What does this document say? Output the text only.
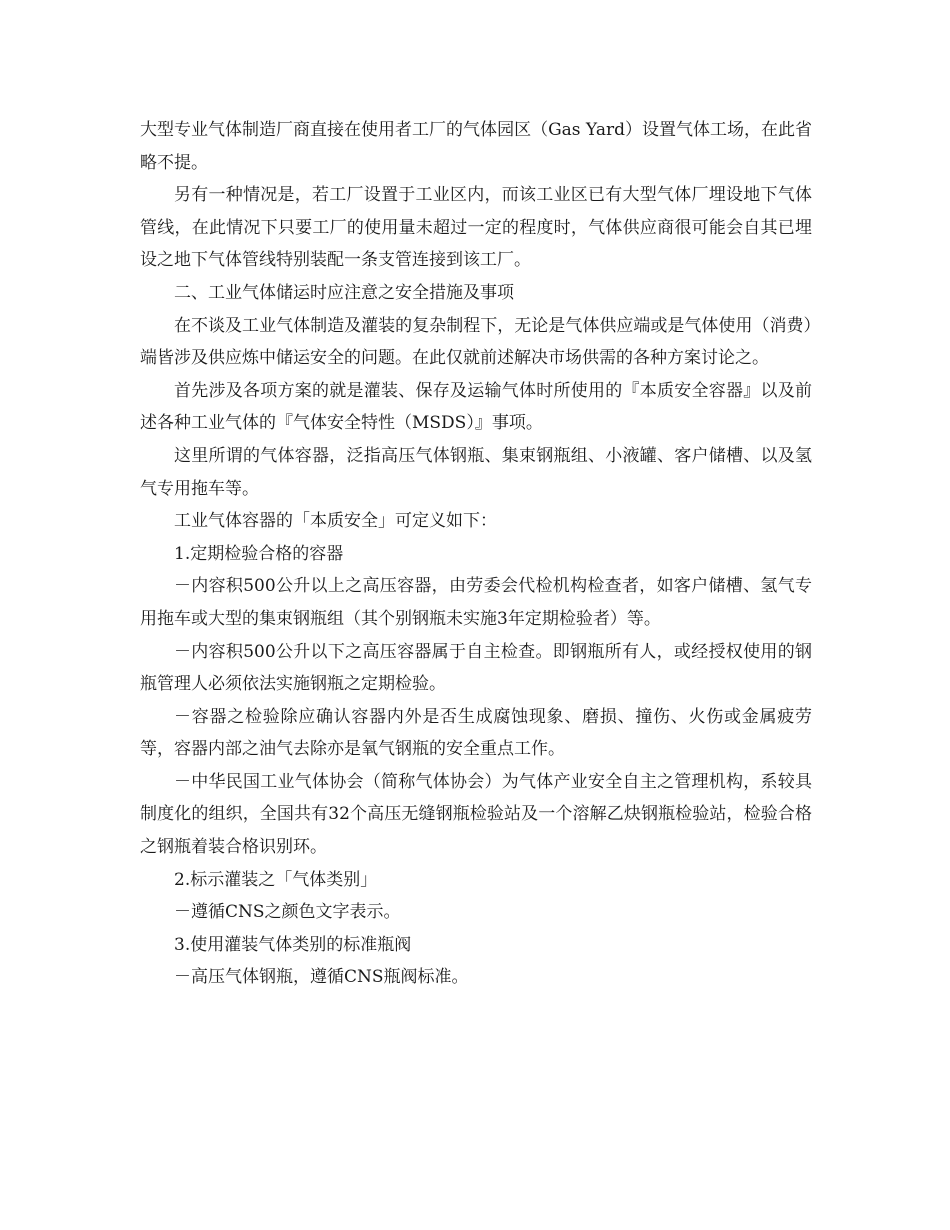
大型专业气体制造厂商直接在使用者工厂的气体园区（Gas Yard）设置气体工场，在此省略不提。

另有一种情况是，若工厂设置于工业区内，而该工业区已有大型气体厂埋设地下气体管线，在此情况下只要工厂的使用量未超过一定的程度时，气体供应商很可能会自其已埋设之地下气体管线特别装配一条支管连接到该工厂。

二、工业气体储运时应注意之安全措施及事项

在不谈及工业气体制造及灌装的复杂制程下，无论是气体供应端或是气体使用（消费）端皆涉及供应炼中储运安全的问题。在此仅就前述解决市场供需的各种方案讨论之。

首先涉及各项方案的就是灌装、保存及运输气体时所使用的『本质安全容器』以及前述各种工业气体的『气体安全特性（MSDS）』事项。

这里所谓的气体容器，泛指高压气体钢瓶、集束钢瓶组、小液罐、客户储槽、以及氢气专用拖车等。

工业气体容器的「本质安全」可定义如下：

1.定期检验合格的容器

－内容积500公升以上之高压容器，由劳委会代检机构检查者，如客户储槽、氢气专用拖车或大型的集束钢瓶组（其个别钢瓶未实施3年定期检验者）等。

－内容积500公升以下之高压容器属于自主检查。即钢瓶所有人，或经授权使用的钢瓶管理人必须依法实施钢瓶之定期检验。

－容器之检验除应确认容器内外是否生成腐蚀现象、磨损、撞伤、火伤或金属疲劳等，容器内部之油气去除亦是氧气钢瓶的安全重点工作。

－中华民国工业气体协会（简称气体协会）为气体产业安全自主之管理机构，系较具制度化的组织，全国共有32个高压无缝钢瓶检验站及一个溶解乙炔钢瓶检验站，检验合格之钢瓶着装合格识别环。

2.标示灌装之「气体类别」

－遵循CNS之颜色文字表示。

3.使用灌装气体类别的标准瓶阀

－高压气体钢瓶，遵循CNS瓶阀标准。
